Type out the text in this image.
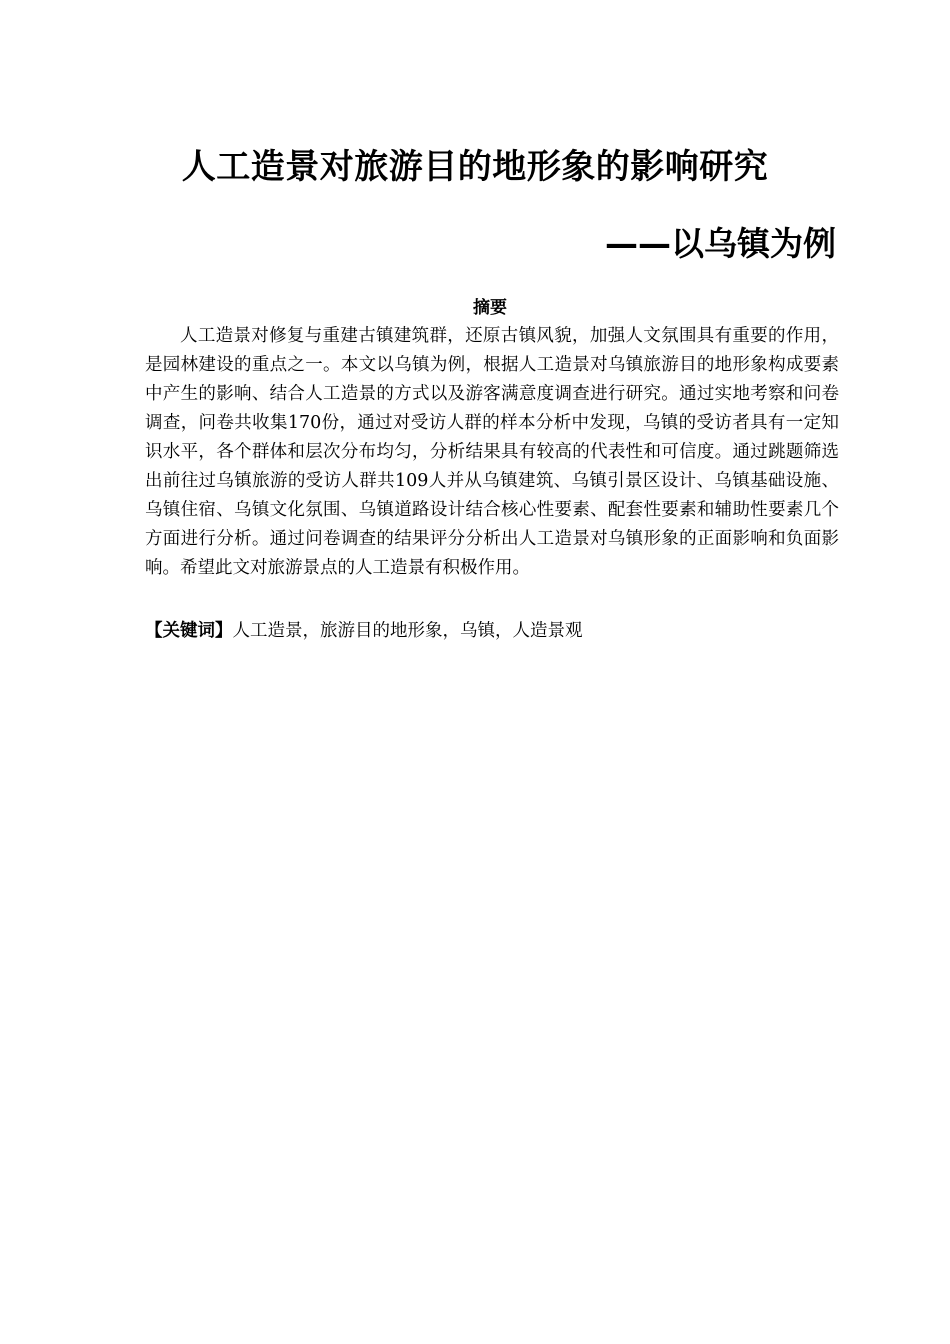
人工造景对旅游目的地形象的影响研究
——以乌镇为例
摘要
人工造景对修复与重建古镇建筑群，还原古镇风貌，加强人文氛围具有重要的作用，是园林建设的重点之一。本文以乌镇为例，根据人工造景对乌镇旅游目的地形象构成要素中产生的影响、结合人工造景的方式以及游客满意度调查进行研究。通过实地考察和问卷调查，问卷共收集170份，通过对受访人群的样本分析中发现，乌镇的受访者具有一定知识水平，各个群体和层次分布均匀，分析结果具有较高的代表性和可信度。通过跳题筛选出前往过乌镇旅游的受访人群共109人并从乌镇建筑、乌镇引景区设计、乌镇基础设施、乌镇住宿、乌镇文化氛围、乌镇道路设计结合核心性要素、配套性要素和辅助性要素几个方面进行分析。通过问卷调查的结果评分分析出人工造景对乌镇形象的正面影响和负面影响。希望此文对旅游景点的人工造景有积极作用。
【关键词】人工造景，旅游目的地形象，乌镇，人造景观
